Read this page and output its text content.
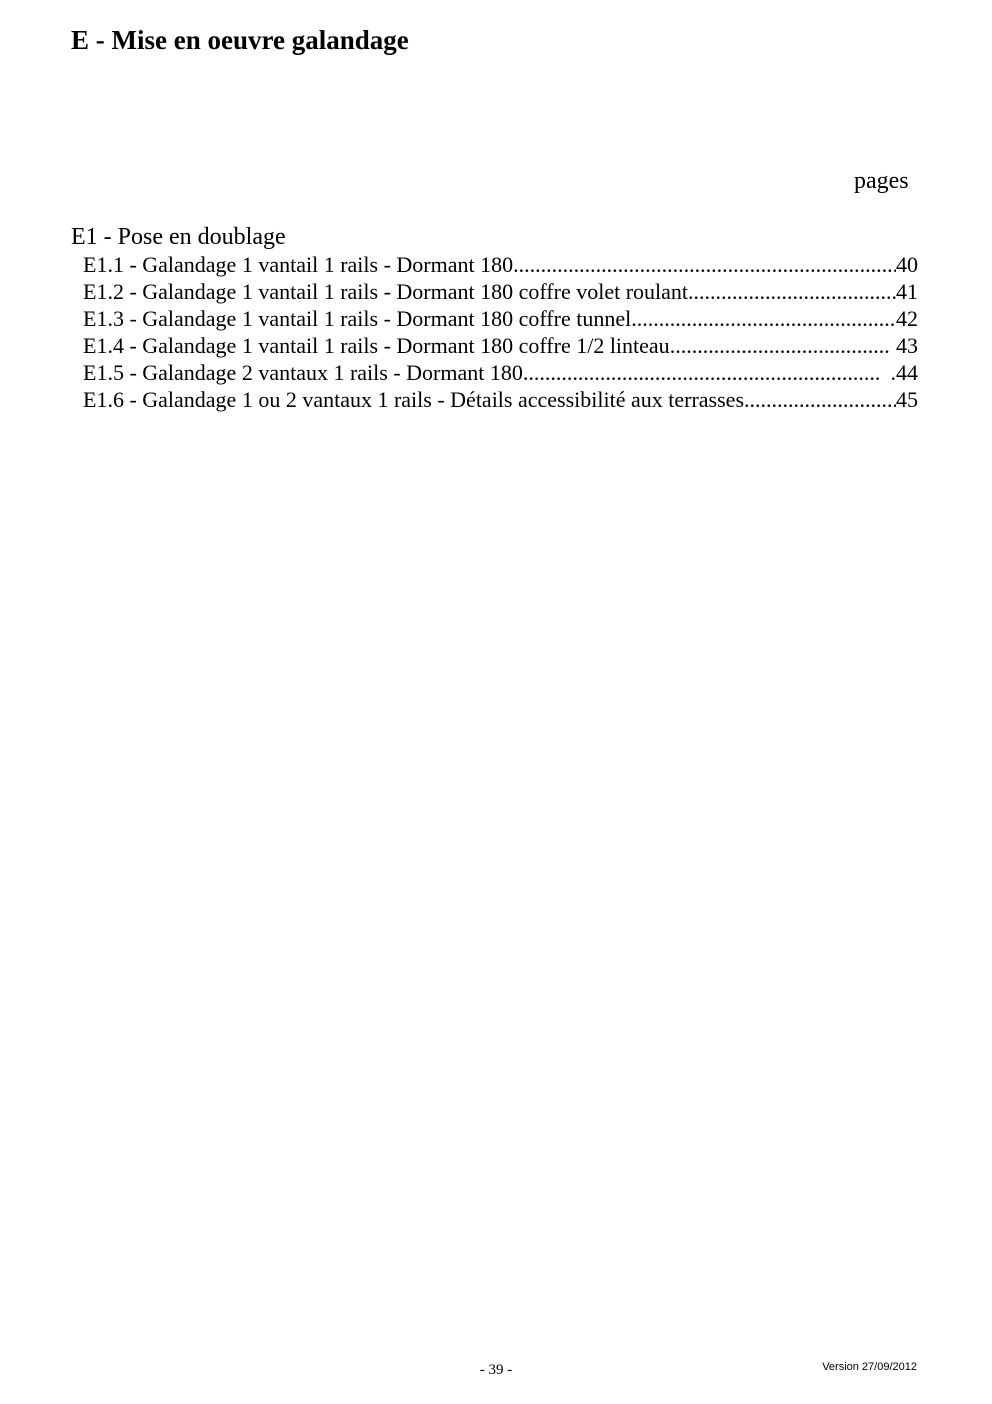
E - Mise en oeuvre galandage
pages
E1 - Pose en doublage
E1.1 - Galandage 1 vantail 1 rails - Dormant 180 .....	40
E1.2 - Galandage 1 vantail 1 rails - Dormant 180 coffre volet roulant .....	41
E1.3 - Galandage 1 vantail 1 rails - Dormant 180 coffre tunnel .....	42
E1.4 - Galandage 1 vantail 1 rails - Dormant 180 coffre 1/2 linteau .....	43
E1.5 - Galandage 2 vantaux 1 rails - Dormant 180 .....	.44
E1.6 - Galandage 1 ou 2 vantaux 1 rails - Détails accessibilité aux terrasses .....	45
- 39 -	Version 27/09/2012
